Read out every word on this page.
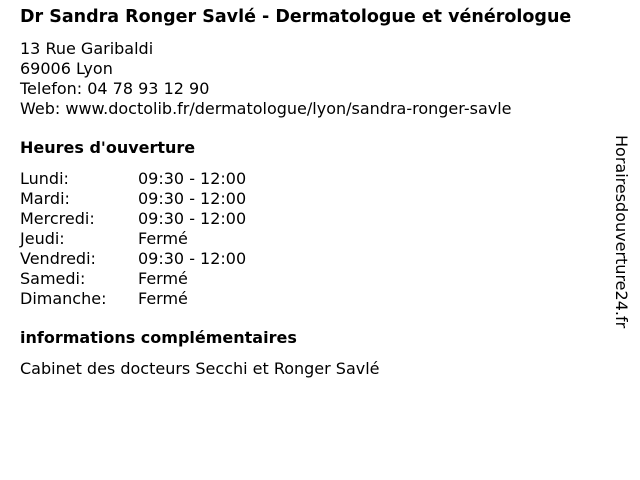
Dr Sandra Ronger Savlé - Dermatologue et vénérologue
13 Rue Garibaldi
69006 Lyon
Telefon: 04 78 93 12 90
Web: www.doctolib.fr/dermatologue/lyon/sandra-ronger-savle
Heures d'ouverture
Lundi:	09:30 - 12:00
Mardi:	09:30 - 12:00
Mercredi:	09:30 - 12:00
Jeudi:	Fermé
Vendredi:	09:30 - 12:00
Samedi:	Fermé
Dimanche: Fermé
informations complémentaires
Cabinet des docteurs Secchi et Ronger Savlé
Horairesdouverture24.fr
